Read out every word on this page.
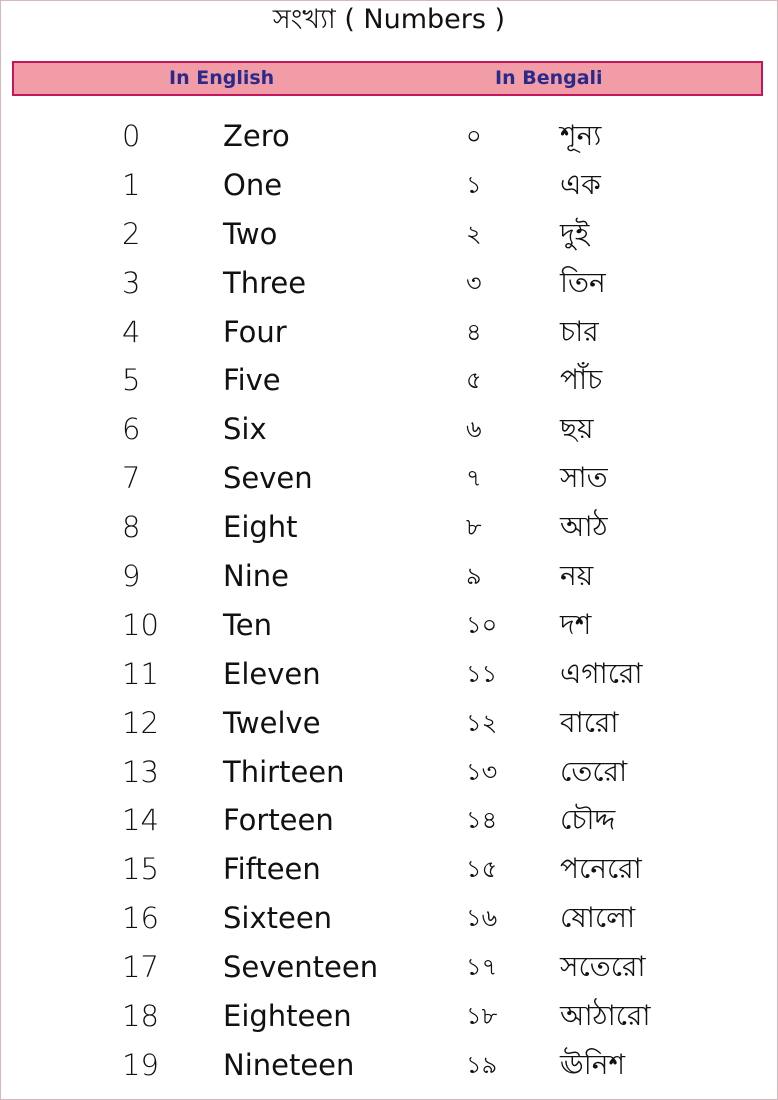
সংখ্যা ( Numbers )
In English	In Bengali
0	Zero	০	শূন্য
1	One	১	এক
2	Two	২	দুই
3	Three	৩	তিন
4	Four	৪	চার
5	Five	৫	পাঁচ
6	Six	৬	ছয়
7	Seven	৭	সাত
8	Eight	৮	আঠ
9	Nine	৯	নয়
10 Ten	১০ দশ
11 Eleven	১১ এগারো
12 Twelve	১২ বারো
13 Thirteen	১৩ তেরো
14 Forteen	১৪ চৌদ্দ
15 Fifteen	১৫ পনেরো
16 Sixteen	১৬ ষোলো
17 Seventeen	১৭ সতেরো
18 Eighteen	১৮ আঠারো
19 Nineteen	১৯ ঊনিশ
